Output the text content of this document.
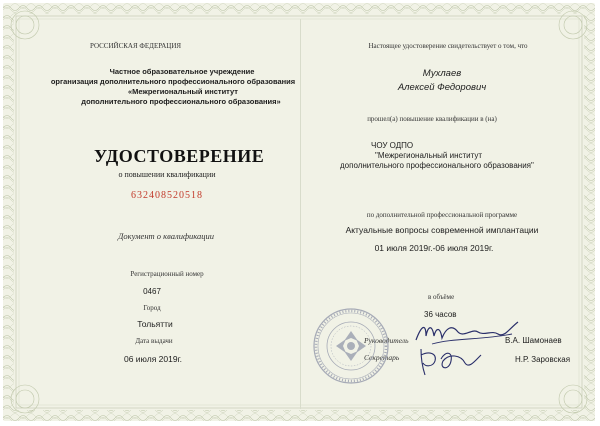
РОССИЙСКАЯ ФЕДЕРАЦИЯ
Частное образовательное учреждение
организация дополнительного профессионального образования
«Межрегиональный институт
дополнительного профессионального образования»
УДОСТОВЕРЕНИЕ
о повышении квалификации
632408520518
Документ о квалификации
Регистрационный номер
0467
Город
Тольятти
Дата выдачи
06 июля 2019г.
Настоящее удостоверение свидетельствует о том, что
Мухлаев
Алексей Федорович
прошел(а) повышение квалификации в (на)
ЧОУ ОДПО
"Межрегиональный институт
дополнительного профессионального образования"
по дополнительной профессиональной программе
Актуальные вопросы современной имплантации
01 июля 2019г.-06 июля 2019г.
в объёме
36 часов
Руководитель	В.А. Шамонаев
Секретарь	Н.Р. Заровская
